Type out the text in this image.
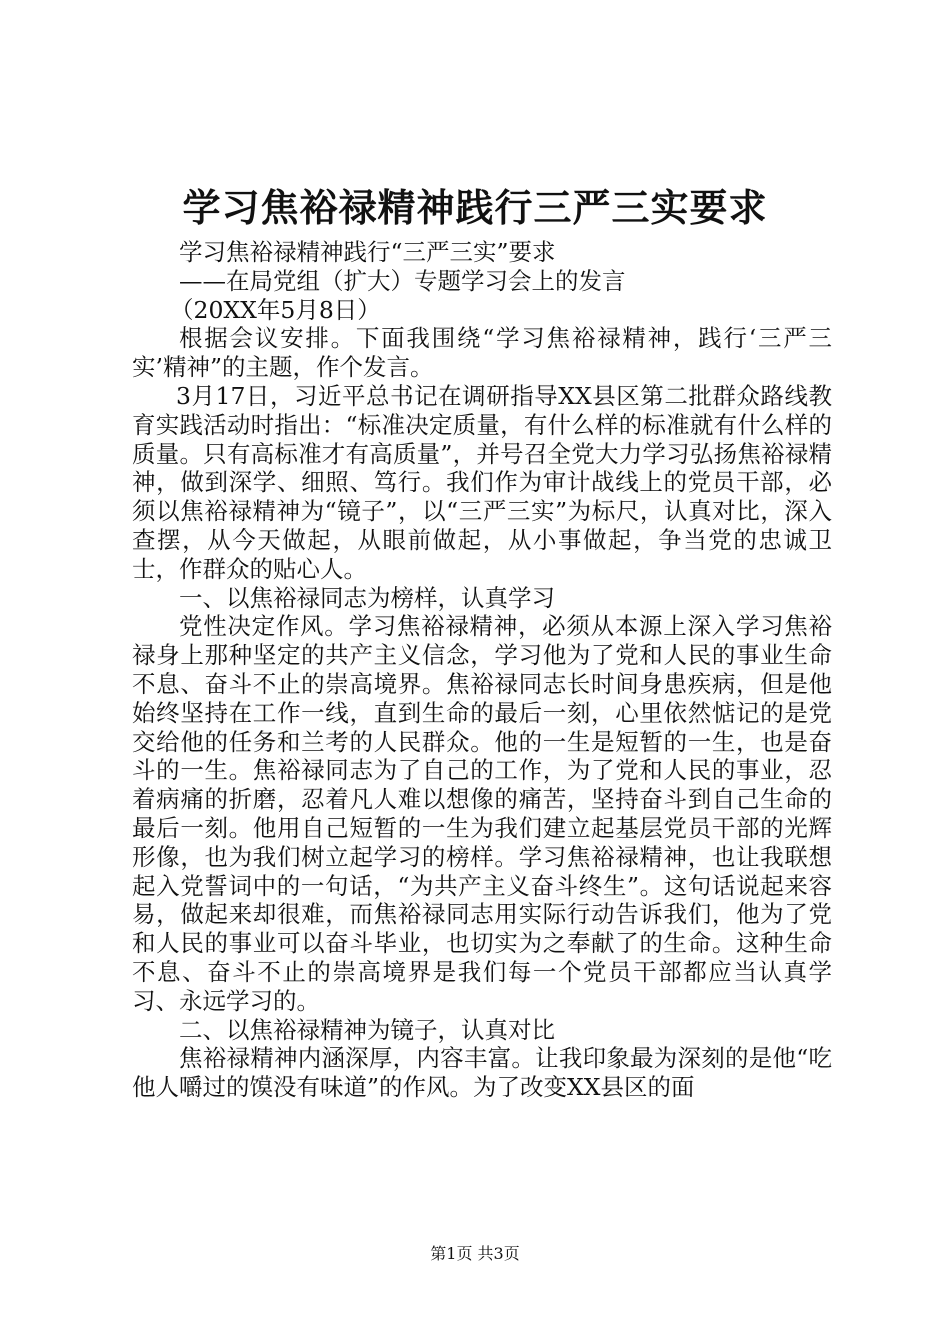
学习焦裕禄精神践行三严三实要求

学习焦裕禄精神践行“三严三实”要求

——在局党组（扩大）专题学习会上的发言

（20XX年5月8日）

根据会议安排。下面我围绕“学习焦裕禄精神，践行‘三严三实’精神”的主题，作个发言。

3月17日，习近平总书记在调研指导XX县区第二批群众路线教育实践活动时指出：“标准决定质量，有什么样的标准就有什么样的质量。只有高标准才有高质量”，并号召全党大力学习弘扬焦裕禄精神，做到深学、细照、笃行。我们作为审计战线上的党员干部，必须以焦裕禄精神为“镜子”，以“三严三实”为标尺，认真对比，深入查摆，从今天做起，从眼前做起，从小事做起，争当党的忠诚卫士，作群众的贴心人。

一、以焦裕禄同志为榜样，认真学习

党性决定作风。学习焦裕禄精神，必须从本源上深入学习焦裕禄身上那种坚定的共产主义信念，学习他为了党和人民的事业生命不息、奋斗不止的崇高境界。焦裕禄同志长时间身患疾病，但是他始终坚持在工作一线，直到生命的最后一刻，心里依然惦记的是党交给他的任务和兰考的人民群众。他的一生是短暂的一生，也是奋斗的一生。焦裕禄同志为了自己的工作，为了党和人民的事业，忍着病痛的折磨，忍着凡人难以想像的痛苦，坚持奋斗到自己生命的最后一刻。他用自己短暂的一生为我们建立起基层党员干部的光辉形像，也为我们树立起学习的榜样。学习焦裕禄精神，也让我联想起入党誓词中的一句话，“为共产主义奋斗终生”。这句话说起来容易，做起来却很难，而焦裕禄同志用实际行动告诉我们，他为了党和人民的事业可以奋斗毕业，也切实为之奉献了的生命。这种生命不息、奋斗不止的崇高境界是我们每一个党员干部都应当认真学习、永远学习的。

二、以焦裕禄精神为镜子，认真对比

焦裕禄精神内涵深厚，内容丰富。让我印象最为深刻的是他“吃他人嚼过的馍没有味道”的作风。为了改变XX县区的面

第1页 共3页
